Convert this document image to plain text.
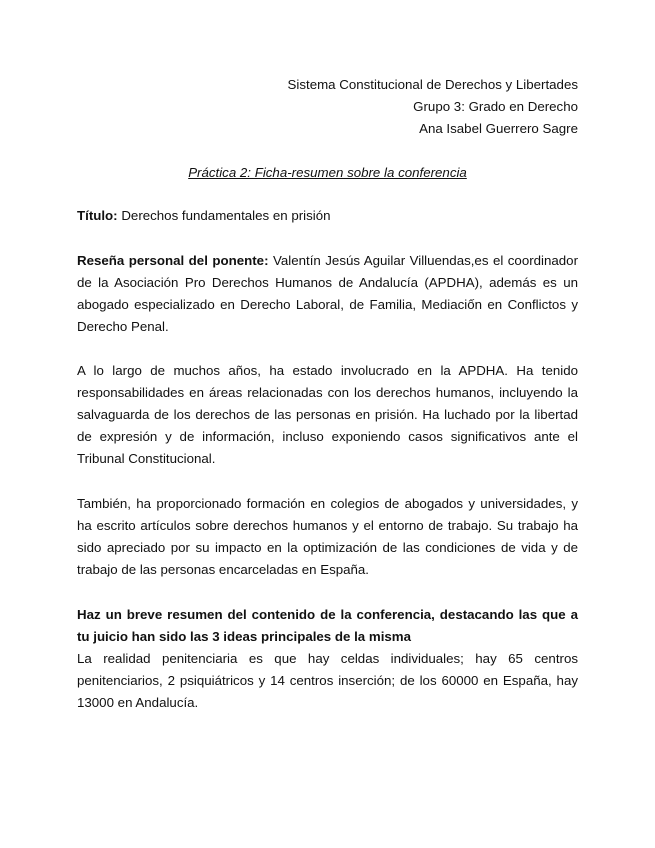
Sistema Constitucional de Derechos y Libertades
Grupo 3: Grado en Derecho
Ana Isabel Guerrero Sagre
Práctica 2: Ficha-resumen sobre la conferencia
Título: Derechos fundamentales en prisión
Reseña personal del ponente: Valentín Jesús Aguilar Villuendas,es el coordinador de la Asociación Pro Derechos Humanos de Andalucía (APDHA), además es un abogado especializado en Derecho Laboral, de Familia, Mediaciốn en Conflictos y Derecho Penal.
A lo largo de muchos años, ha estado involucrado en la APDHA. Ha tenido responsabilidades en áreas relacionadas con los derechos humanos, incluyendo la salvaguarda de los derechos de las personas en prisión. Ha luchado por la libertad de expresión y de información, incluso exponiendo casos significativos ante el Tribunal Constitucional.
También, ha proporcionado formación en colegios de abogados y universidades, y ha escrito artículos sobre derechos humanos y el entorno de trabajo. Su trabajo ha sido apreciado por su impacto en la optimización de las condiciones de vida y de trabajo de las personas encarceladas en España.
Haz un breve resumen del contenido de la conferencia, destacando las que a tu juicio han sido las 3 ideas principales de la misma
La realidad penitenciaria es que hay celdas individuales; hay 65 centros penitenciarios, 2 psiquiátricos y 14 centros inserción; de los 60000 en España, hay 13000 en Andalucía.
